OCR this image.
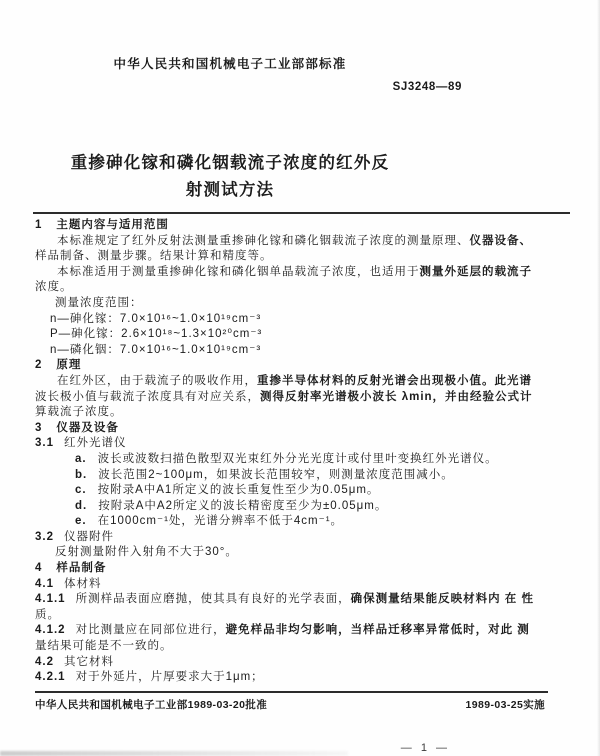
中华人民共和国机械电子工业部部标准
SJ3248—89
重掺砷化镓和磷化铟载流子浓度的红外反
射测试方法

1 主题内容与适用范围

本标准规定了红外反射法测量重掺砷化镓和磷化铟载流子浓度的测量原理、仪器设备、

样品制备、测量步骤。结果计算和精度等。

本标准适用于测量重掺砷化镓和磷化铟单晶载流子浓度，也适用于测量外延层的载流子

浓度。

测量浓度范围：

n—砷化镓：7.0×10¹⁶~1.0×10¹⁹cm⁻³

P—砷化镓：2.6×10¹⁸~1.3×10²⁰cm⁻³

n—磷化铟：7.0×10¹⁶~1.0×10¹⁹cm⁻³

2 原理

在红外区，由于载流子的吸收作用，重掺半导体材料的反射光谱会出现极小值。此光谱

波长极小值与载流子浓度具有对应关系，测得反射率光谱极小波长 λmin，并由经验公式计

算载流子浓度。

3 仪器及设备

3.1 红外光谱仪

a. 波长或波数扫描色散型双光束红外分光光度计或付里叶变换红外光谱仪。

b. 波长范围2~100μm，如果波长范围较窄，则测量浓度范围减小。

c. 按附录A中A1所定义的波长重复性至少为0.05μm。

d. 按附录A中A2所定义的波长精密度至少为±0.05μm。

e. 在1000cm⁻¹处，光谱分辨率不低于4cm⁻¹。

3.2 仪器附件

反射测量附件入射角不大于30°。

4 样品制备

4.1 体材料

4.1.1 所测样品表面应磨抛，使其具有良好的光学表面，确保测量结果能反映材料内 在 性

质。

4.1.2 对比测量应在同部位进行，避免样品非均匀影响，当样品迁移率异常低时，对此 测

量结果可能是不一致的。

4.2 其它材料

4.2.1 对于外延片，片厚要求大于1μm；

中华人民共和国机械电子工业部1989-03-20批准	1989-03-25实施
— 1 —
